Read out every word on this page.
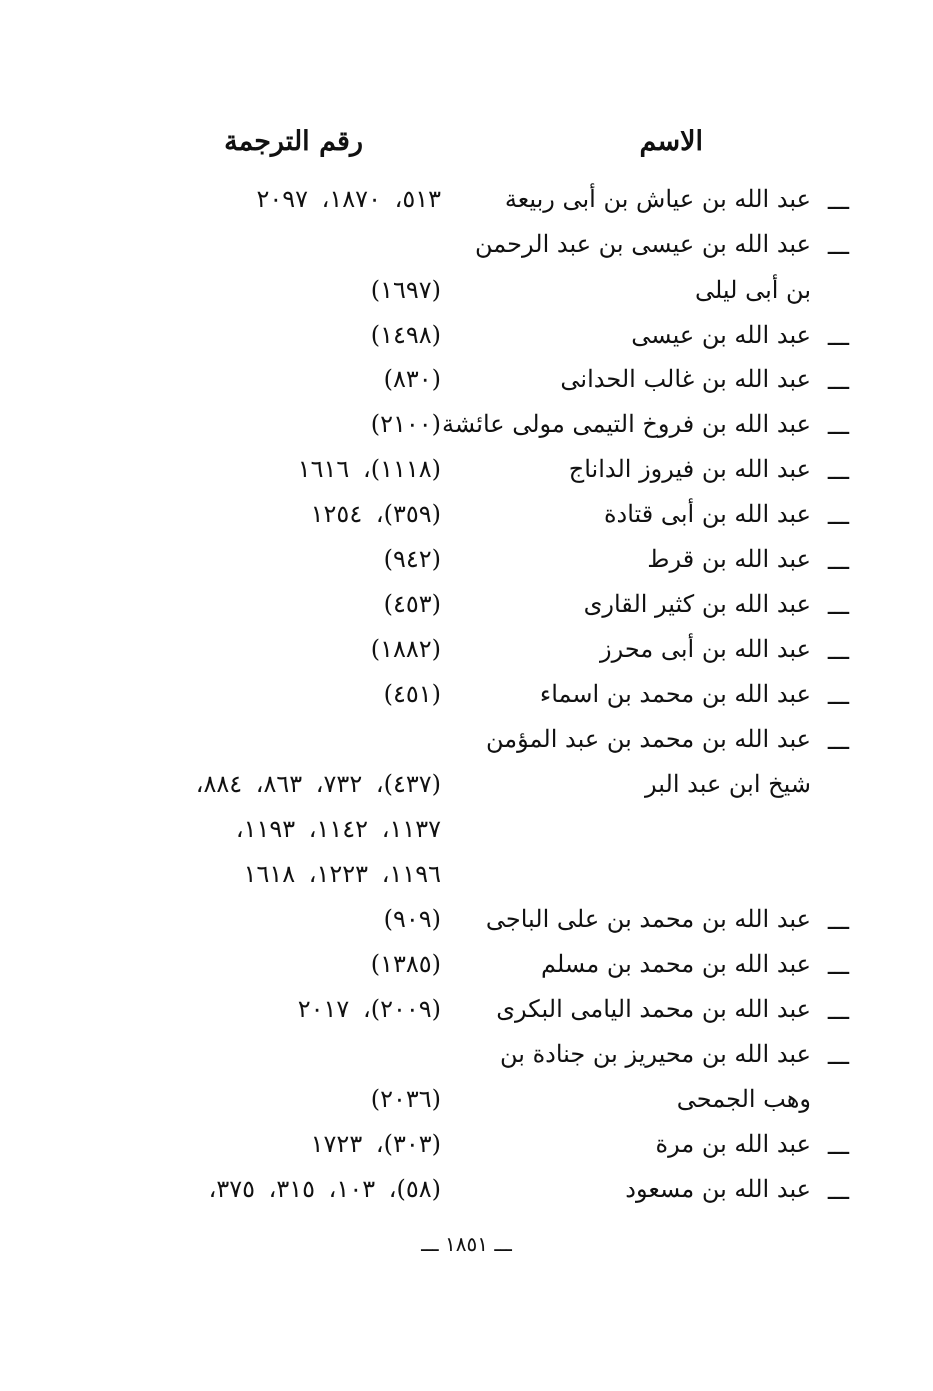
الاسم
رقم الترجمة
ـــ
عبد الله بن عياش بن أبى ربيعة
٥١٣، ١٨٧٠، ٢٠٩٧
ـــ
عبد الله بن عيسى بن عبد الرحمن
بن أبى ليلى
(١٦٩٧)
ـــ
عبد الله بن عيسى
(١٤٩٨)
ـــ
عبد الله بن غالب الحدانى
(٨٣٠)
ـــ
عبد الله بن فروخ التيمى مولى عائشة
(٢١٠٠)
ـــ
عبد الله بن فيروز الداناج
(١١١٨)، ١٦١٦
ـــ
عبد الله بن أبى قتادة
(٣٥٩)، ١٢٥٤
ـــ
عبد الله بن قرط
(٩٤٢)
ـــ
عبد الله بن كثير القارى
(٤٥٣)
ـــ
عبد الله بن أبى محرز
(١٨٨٢)
ـــ
عبد الله بن محمد بن اسماء
(٤٥١)
ـــ
عبد الله بن محمد بن عبد المؤمن
شيخ ابن عبد البر
(٤٣٧)، ٧٣٢، ٨٦٣، ٨٨٤،
١١٣٧، ١١٤٢، ١١٩٣،
١١٩٦، ١٢٢٣، ١٦١٨
ـــ
عبد الله بن محمد بن على الباجى
(٩٠٩)
ـــ
عبد الله بن محمد بن مسلم
(١٣٨٥)
ـــ
عبد الله بن محمد اليامى البكرى
(٢٠٠٩)، ٢٠١٧
ـــ
عبد الله بن محيريز بن جنادة بن
وهب الجمحى
(٢٠٣٦)
ـــ
عبد الله بن مرة
(٣٠٣)، ١٧٢٣
ـــ
عبد الله بن مسعود
(٥٨)، ١٠٣، ٣١٥، ٣٧٥،
ـــ ١٨٥١ ـــ
